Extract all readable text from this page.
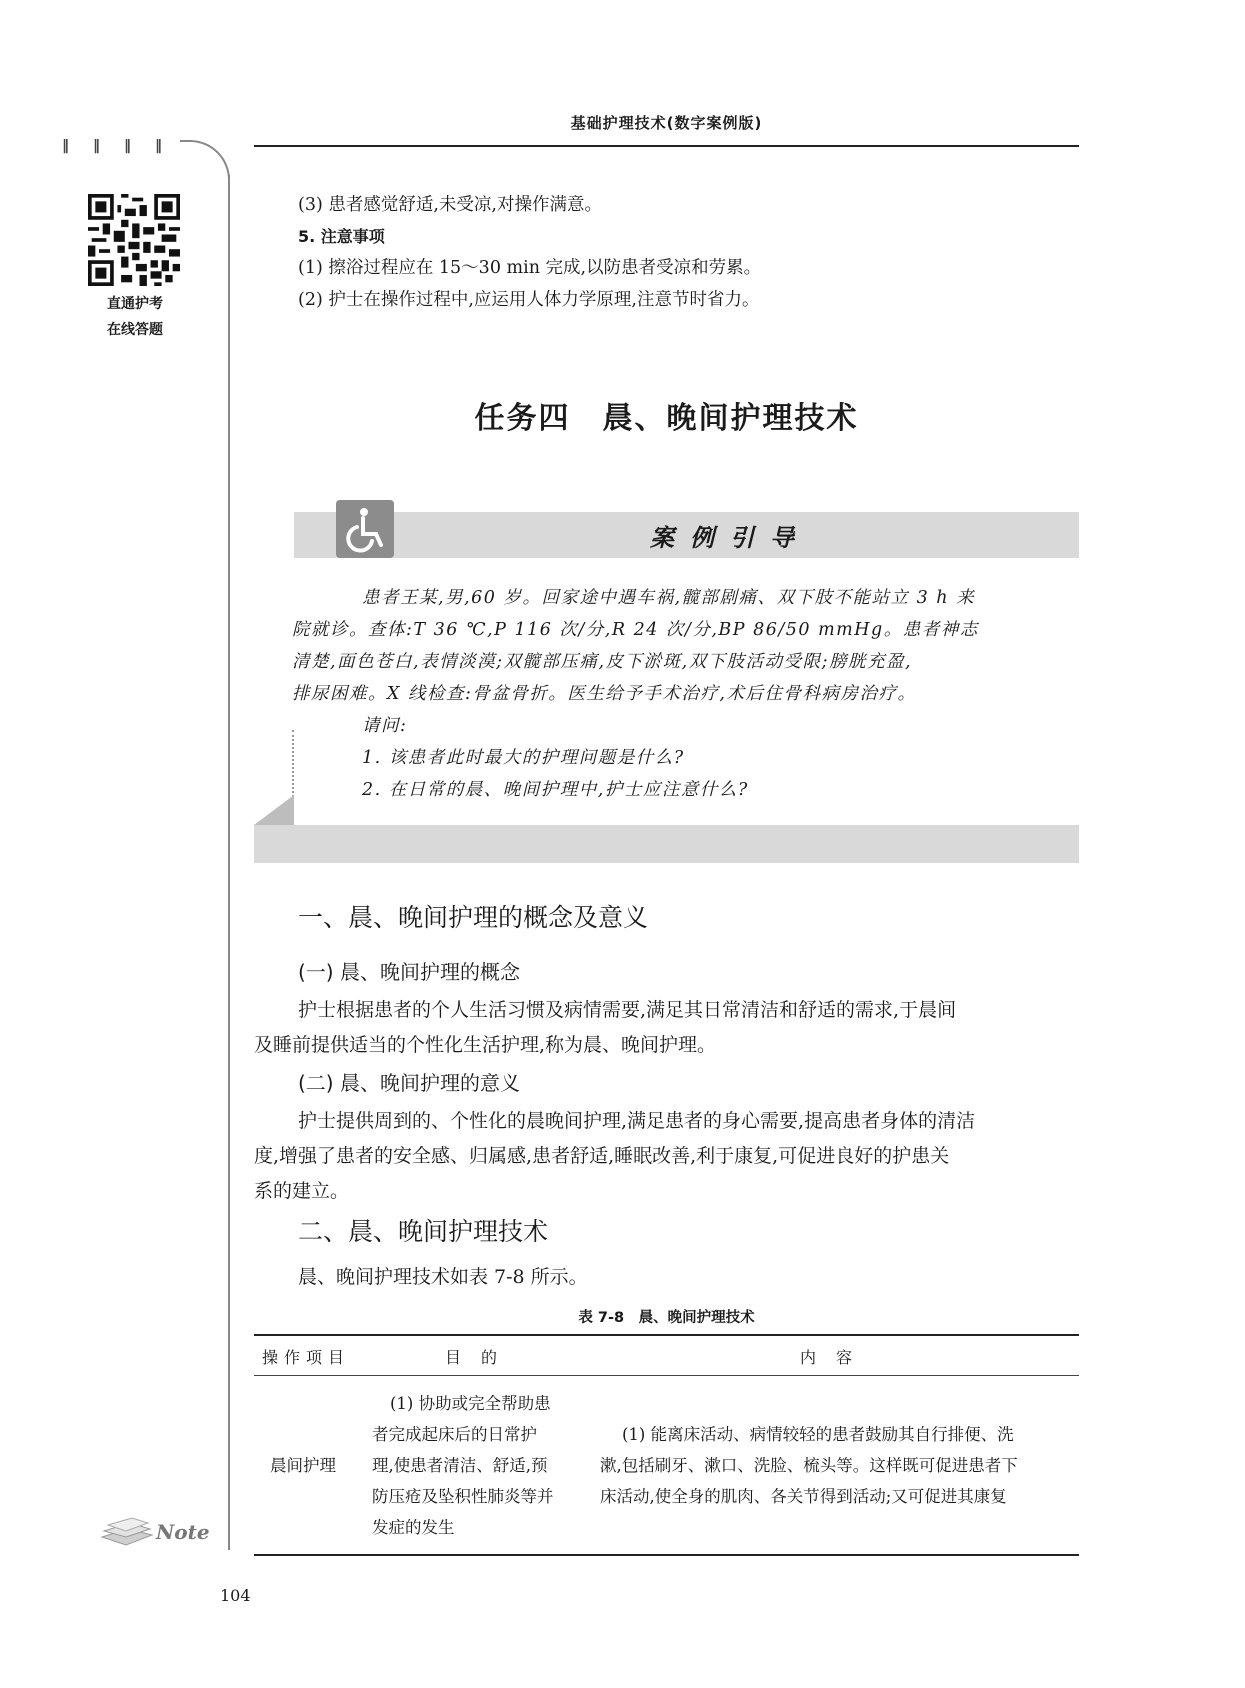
基础护理技术(数字案例版)
‖‖‖‖
直通护考
在线答题
(3) 患者感觉舒适,未受凉,对操作满意。
5. 注意事项
(1) 擦浴过程应在 15～30 min 完成,以防患者受凉和劳累。
(2) 护士在操作过程中,应运用人体力学原理,注意节时省力。
任务四　晨、晚间护理技术
案例引导
患者王某,男,60 岁。回家途中遇车祸,髋部剧痛、双下肢不能站立 3 h 来
院就诊。查体:T 36 ℃,P 116 次/分,R 24 次/分,BP 86/50 mmHg。患者神志
清楚,面色苍白,表情淡漠;双髋部压痛,皮下淤斑,双下肢活动受限;膀胱充盈,
排尿困难。X 线检查:骨盆骨折。医生给予手术治疗,术后住骨科病房治疗。
请问:
1. 该患者此时最大的护理问题是什么?
2. 在日常的晨、晚间护理中,护士应注意什么?
一、晨、晚间护理的概念及意义
(一) 晨、晚间护理的概念
护士根据患者的个人生活习惯及病情需要,满足其日常清洁和舒适的需求,于晨间
及睡前提供适当的个性化生活护理,称为晨、晚间护理。
(二) 晨、晚间护理的意义
护士提供周到的、个性化的晨晚间护理,满足患者的身心需要,提高患者身体的清洁
度,增强了患者的安全感、归属感,患者舒适,睡眠改善,利于康复,可促进良好的护患关
系的建立。
二、晨、晚间护理技术
晨、晚间护理技术如表 7-8 所示。
表 7-8　晨、晚间护理技术
操作项目	目　的	内　容
晨间护理
(1) 协助或完全帮助患
者完成起床后的日常护
理,使患者清洁、舒适,预
防压疮及坠积性肺炎等并
发症的发生
(1) 能离床活动、病情较轻的患者鼓励其自行排便、洗
漱,包括刷牙、漱口、洗脸、梳头等。这样既可促进患者下
床活动,使全身的肌肉、各关节得到活动;又可促进其康复
Note
104
